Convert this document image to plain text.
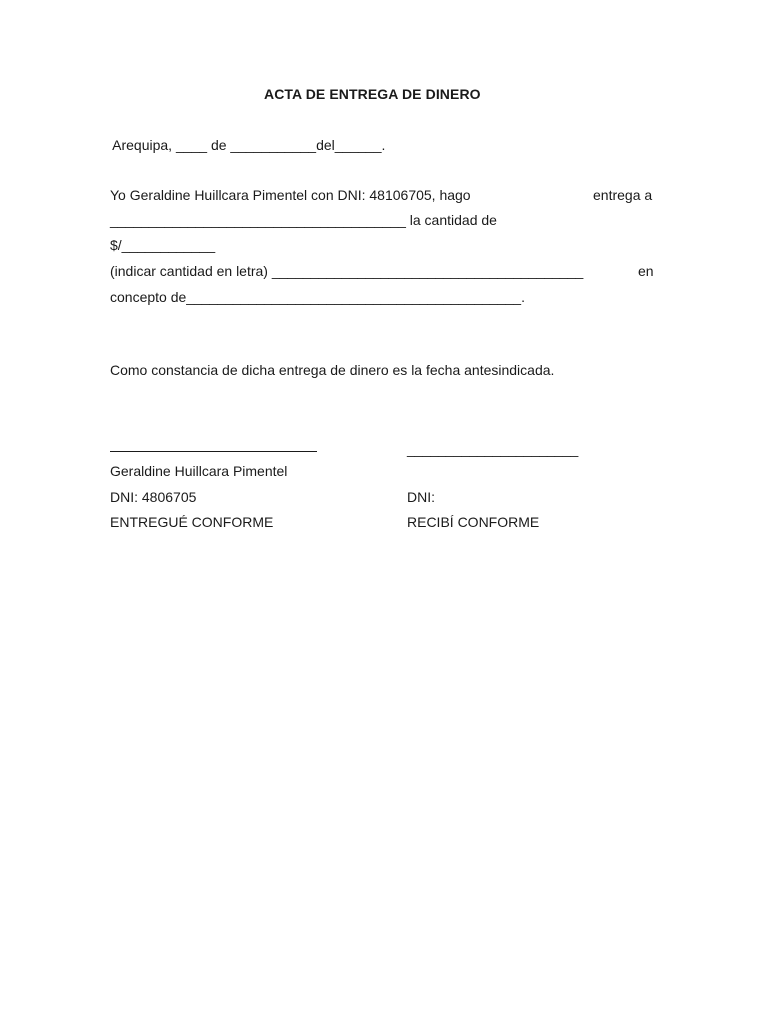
ACTA DE ENTREGA DE DINERO
Arequipa, ____ de ___________del______.
Yo Geraldine Huillcara Pimentel con DNI: 48106705, hago	entrega a
______________________________________ la cantidad de
$/____________
(indicar cantidad en letra) ________________________________________	en
concepto de___________________________________________.
Como constancia de dicha entrega de dinero es la fecha antesindicada.
Geraldine Huillcara Pimentel
DNI: 4806705
ENTREGUÉ CONFORME
______________________
DNI:
RECIBÍ CONFORME
